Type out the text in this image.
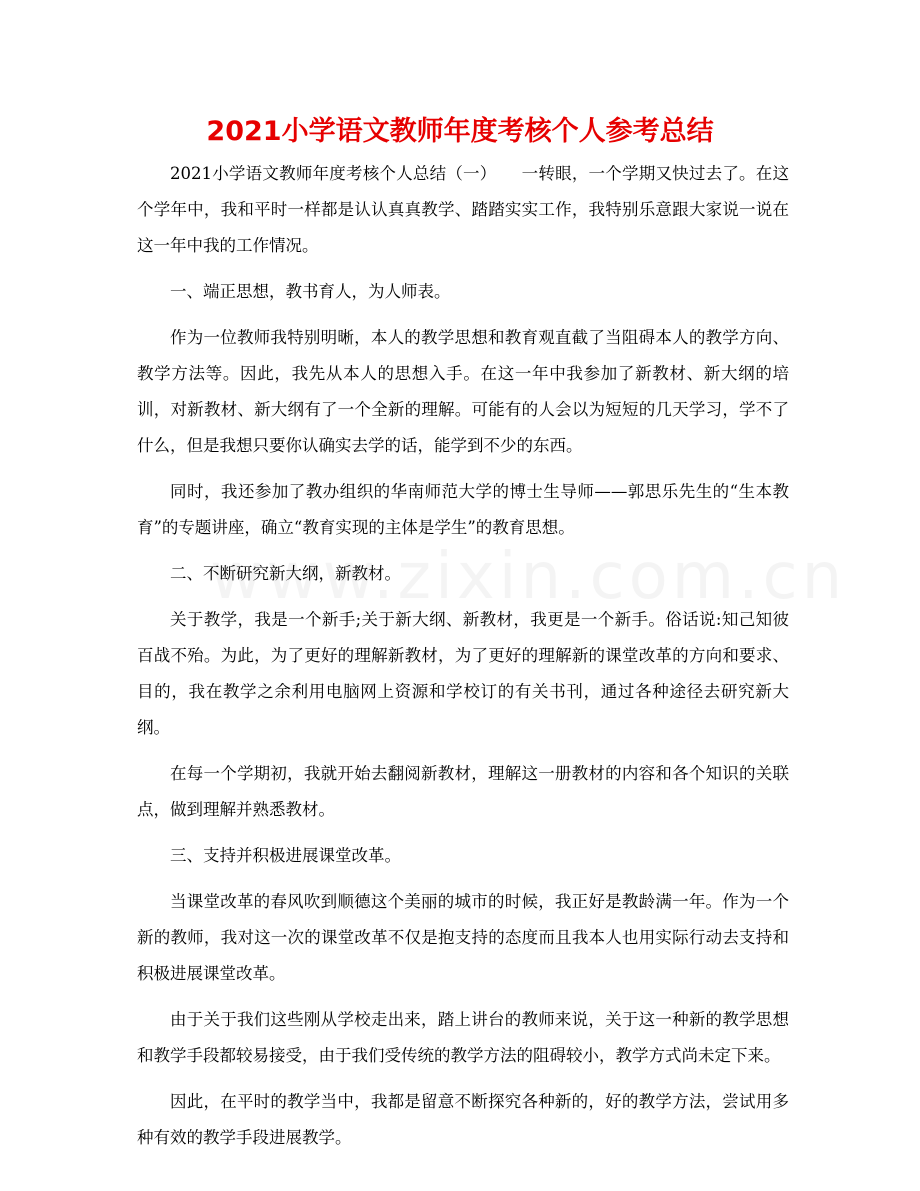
2021小学语文教师年度考核个人参考总结

2021小学语文教师年度考核个人总结（一）　　一转眼，一个学期又快过去了。在这个学年中，我和平时一样都是认认真真教学、踏踏实实工作，我特别乐意跟大家说一说在这一年中我的工作情况。

一、端正思想，教书育人，为人师表。

作为一位教师我特别明晰，本人的教学思想和教育观直截了当阻碍本人的教学方向、教学方法等。因此，我先从本人的思想入手。在这一年中我参加了新教材、新大纲的培训，对新教材、新大纲有了一个全新的理解。可能有的人会以为短短的几天学习，学不了什么，但是我想只要你认确实去学的话，能学到不少的东西。

同时，我还参加了教办组织的华南师范大学的博士生导师——郭思乐先生的“生本教育”的专题讲座，确立“教育实现的主体是学生”的教育思想。

二、不断研究新大纲，新教材。

关于教学，我是一个新手;关于新大纲、新教材，我更是一个新手。俗话说:知己知彼百战不殆。为此，为了更好的理解新教材，为了更好的理解新的课堂改革的方向和要求、目的，我在教学之余利用电脑网上资源和学校订的有关书刊，通过各种途径去研究新大纲。

在每一个学期初，我就开始去翻阅新教材，理解这一册教材的内容和各个知识的关联点，做到理解并熟悉教材。

三、支持并积极进展课堂改革。

当课堂改革的春风吹到顺德这个美丽的城市的时候，我正好是教龄满一年。作为一个新的教师，我对这一次的课堂改革不仅是抱支持的态度而且我本人也用实际行动去支持和积极进展课堂改革。

由于关于我们这些刚从学校走出来，踏上讲台的教师来说，关于这一种新的教学思想和教学手段都较易接受，由于我们受传统的教学方法的阻碍较小，教学方式尚未定下来。

因此，在平时的教学当中，我都是留意不断探究各种新的，好的教学方法，尝试用多种有效的教学手段进展教学。
